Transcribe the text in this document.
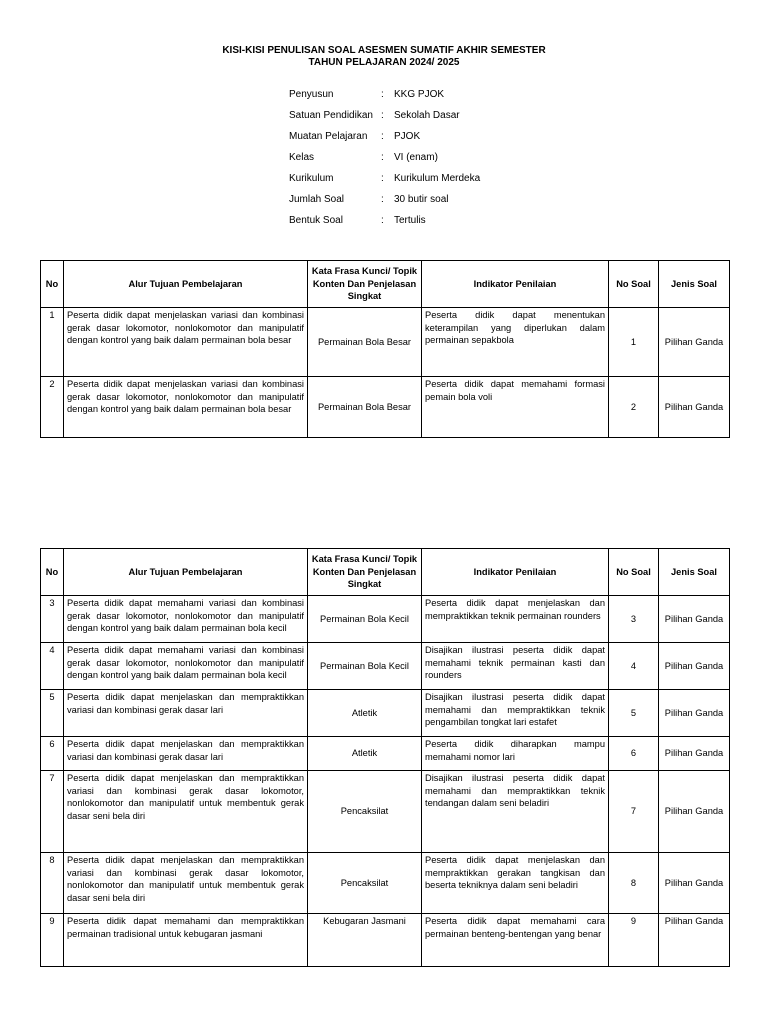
KISI-KISI PENULISAN SOAL ASESMEN SUMATIF AKHIR SEMESTER
TAHUN PELAJARAN 2024/ 2025
Penyusun	:	KKG PJOK
Satuan Pendidikan :	Sekolah Dasar
Muatan Pelajaran	:	PJOK
Kelas	:	VI (enam)
Kurikulum	:	Kurikulum Merdeka
Jumlah Soal	:	30 butir soal
Bentuk Soal	:	Tertulis
No	Alur Tujuan Pembelajaran	Kata Frasa Kunci/ Topik Konten Dan Penjelasan Singkat	Indikator Penilaian	No Soal	Jenis Soal
1	Peserta didik dapat menjelaskan variasi dan kombinasi gerak dasar lokomotor, nonlokomotor dan manipulatif dengan kontrol yang baik dalam permainan bola besar	Permainan Bola Besar	Peserta didik dapat menentukan keterampilan yang diperlukan dalam permainan sepakbola	1	Pilihan Ganda
2	Peserta didik dapat menjelaskan variasi dan kombinasi gerak dasar lokomotor, nonlokomotor dan manipulatif dengan kontrol yang baik dalam permainan bola besar	Permainan Bola Besar	Peserta didik dapat memahami formasi pemain bola voli	2	Pilihan Ganda
No	Alur Tujuan Pembelajaran	Kata Frasa Kunci/ Topik Konten Dan Penjelasan Singkat	Indikator Penilaian	No Soal	Jenis Soal
3	Peserta didik dapat memahami variasi dan kombinasi gerak dasar lokomotor, nonlokomotor dan manipulatif dengan kontrol yang baik dalam permainan bola kecil	Permainan Bola Kecil	Peserta didik dapat menjelaskan dan mempraktikkan teknik permainan rounders	3	Pilihan Ganda
4	Peserta didik dapat memahami variasi dan kombinasi gerak dasar lokomotor, nonlokomotor dan manipulatif dengan kontrol yang baik dalam permainan bola kecil	Permainan Bola Kecil	Disajikan ilustrasi peserta didik dapat memahami teknik permainan kasti dan rounders	4	Pilihan Ganda
5	Peserta didik dapat menjelaskan dan mempraktikkan variasi dan kombinasi gerak dasar lari	Atletik	Disajikan ilustrasi peserta didik dapat memahami dan mempraktikkan teknik pengambilan tongkat lari estafet	5	Pilihan Ganda
6	Peserta didik dapat menjelaskan dan mempraktikkan variasi dan kombinasi gerak dasar lari	Atletik	Peserta didik diharapkan mampu memahami nomor lari	6	Pilihan Ganda
7	Peserta didik dapat menjelaskan dan mempraktikkan variasi dan kombinasi gerak dasar lokomotor, nonlokomotor dan manipulatif untuk membentuk gerak dasar seni bela diri	Pencaksilat	Disajikan ilustrasi peserta didik dapat memahami dan mempraktikkan teknik tendangan dalam seni beladiri	7	Pilihan Ganda
8	Peserta didik dapat menjelaskan dan mempraktikkan variasi dan kombinasi gerak dasar lokomotor, nonlokomotor dan manipulatif untuk membentuk gerak dasar seni bela diri	Pencaksilat	Peserta didik dapat menjelaskan dan mempraktikkan gerakan tangkisan dan beserta tekniknya dalam seni beladiri	8	Pilihan Ganda
9	Peserta didik dapat memahami dan mempraktikkan permainan tradisional untuk kebugaran jasmani	Kebugaran Jasmani	Peserta didik dapat memahami cara permainan benteng-bentengan yang benar	9	Pilihan Ganda
